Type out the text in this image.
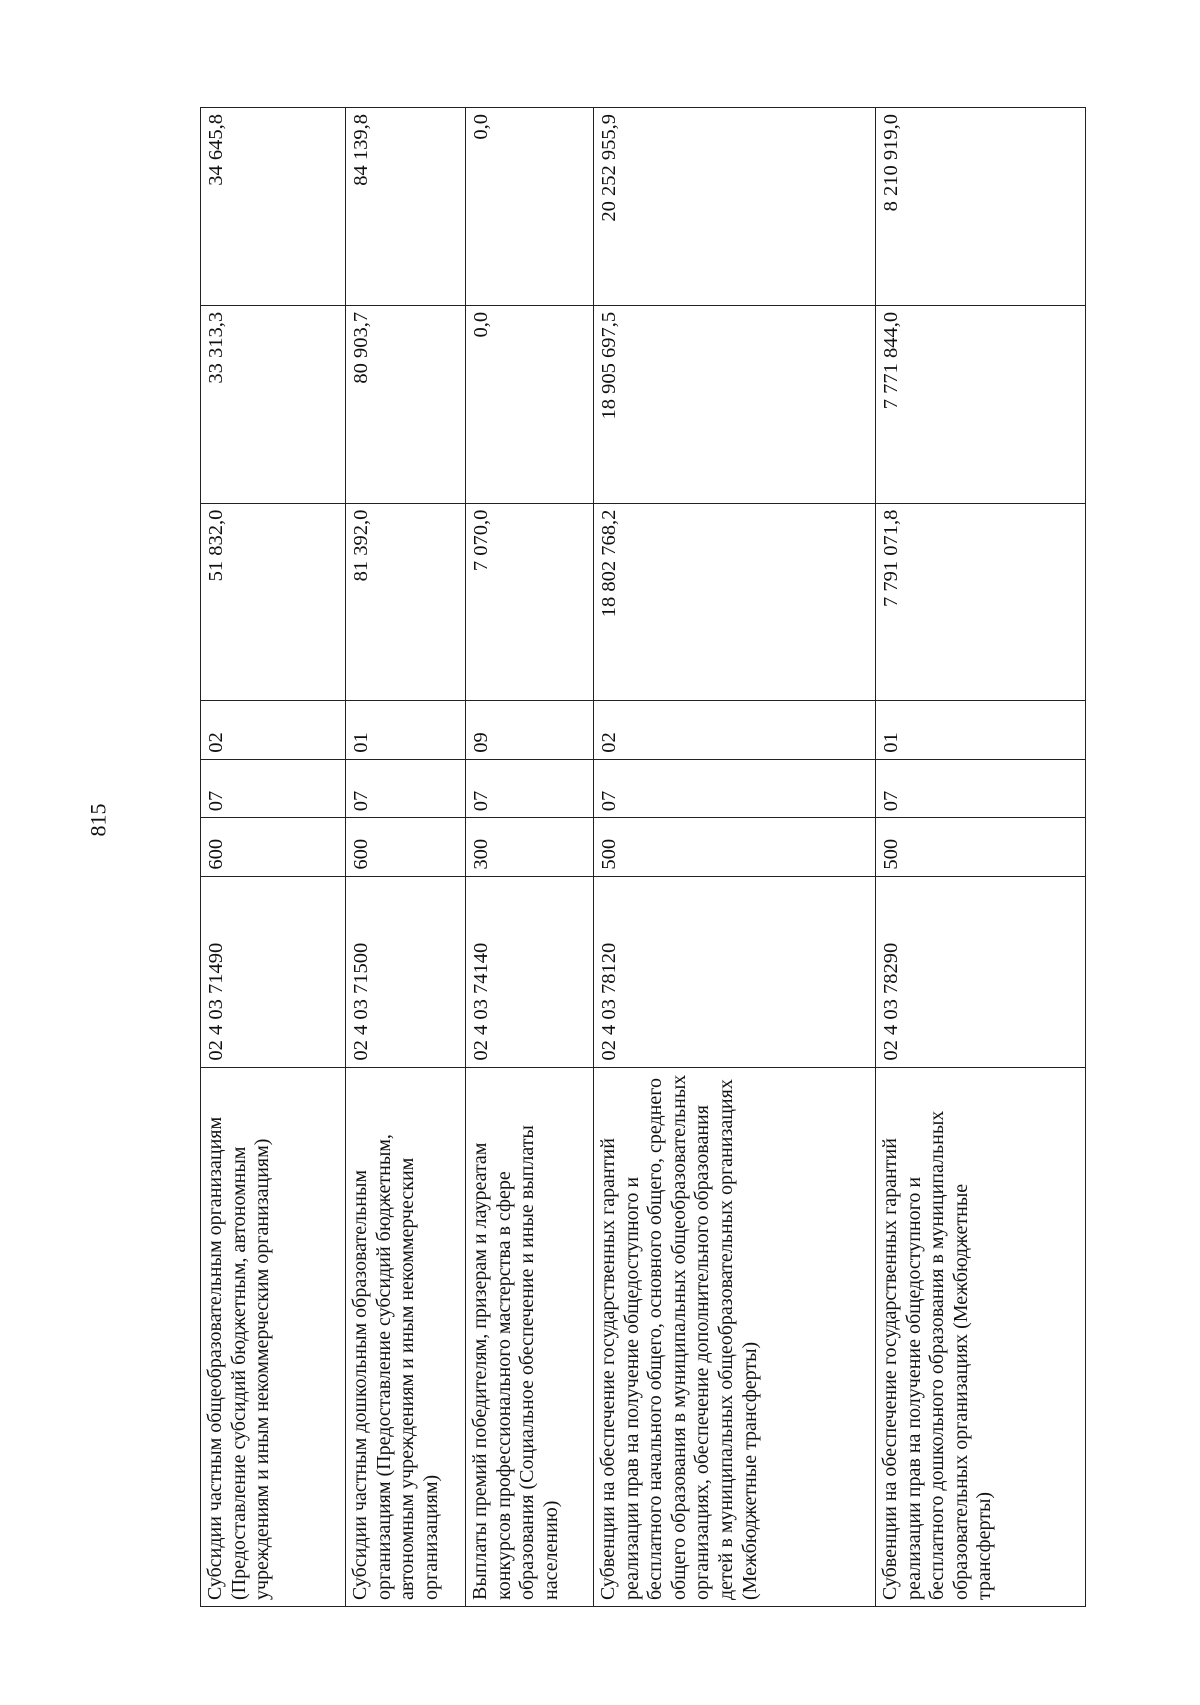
815
Субсидии частным общеобразовательным организациям (Предоставление субсидий бюджетным, автономным учреждениям и иным некоммерческим организациям)	02 4 03 71490	600	07	02	51 832,0	33 313,3	34 645,8
Субсидии частным дошкольным образовательным организациям (Предоставление субсидий бюджетным, автономным учреждениям и иным некоммерческим организациям)	02 4 03 71500	600	07	01	81 392,0	80 903,7	84 139,8
Выплаты премий победителям, призерам и лауреатам конкурсов профессионального мастерства в сфере образования (Социальное обеспечение и иные выплаты населению)	02 4 03 74140	300	07	09	7 070,0	0,0	0,0
Субвенции на обеспечение государственных гарантий реализации прав на получение общедоступного и бесплатного начального общего, основного общего, среднего общего образования в муниципальных общеобразовательных организациях, обеспечение дополнительного образования детей в муниципальных общеобразовательных организациях (Межбюджетные трансферты)	02 4 03 78120	500	07	02	18 802 768,2	18 905 697,5	20 252 955,9
Субвенции на обеспечение государственных гарантий реализации прав на получение общедоступного и бесплатного дошкольного образования в муниципальных образовательных организациях (Межбюджетные трансферты)	02 4 03 78290	500	07	01	7 791 071,8	7 771 844,0	8 210 919,0
